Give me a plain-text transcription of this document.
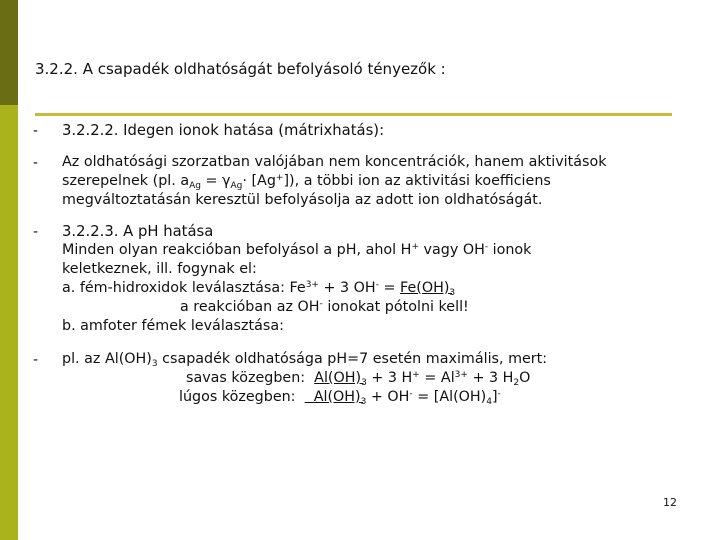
3.2.2. A csapadék oldhatóságát befolyásoló tényezők :
- 3.2.2.2. Idegen ionok hatása (mátrixhatás):
- Az oldhatósági szorzatban valójában nem koncentrációk, hanem aktivitások
szerepelnek (pl. $a_{Ag} = \gamma_{Ag}\cdot [Ag^+]$), a többi ion az aktivitási koefficiens
megváltoztatásán keresztül befolyásolja az adott ion oldhatóságát.
- 3.2.2.3. A pH hatása
Minden olyan reakcióban befolyásol a pH, ahol H+ vagy OH- ionok
keletkeznek, ill. fogynak el:
a. fém-hidroxidok leválasztása: $Fe^{3+} + 3$ $OH^- = Fe(OH)_3$
a reakcióban az OH- ionokat pótolni kell!
b. amfoter fémek leválasztása:
- pl. az $Al(OH)_3$ csapadék oldhatósága pH=7 esetén maximális, mert:
savas közegben: $Al(OH)_3 + 3$ $H^+ = Al^{3+} + 3$ $H_2O$
lúgos közegben: $Al(OH)_3 + OH^- = [Al(OH)_4]^-$
12
